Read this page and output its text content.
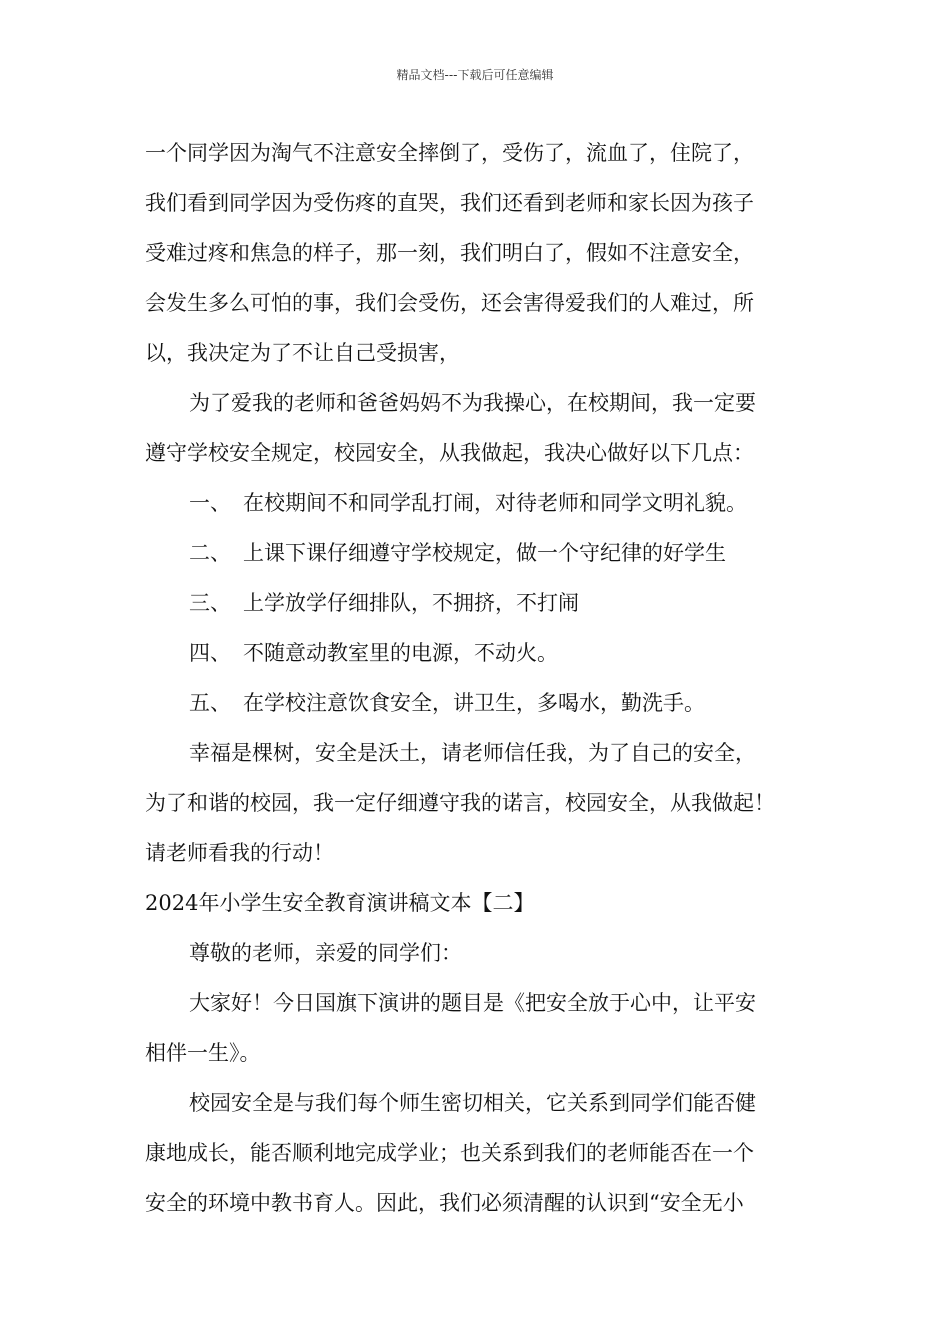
精品文档---下载后可任意编辑
一个同学因为淘气不注意安全摔倒了，受伤了，流血了，住院了，
我们看到同学因为受伤疼的直哭，我们还看到老师和家长因为孩子
受难过疼和焦急的样子，那一刻，我们明白了，假如不注意安全，
会发生多么可怕的事，我们会受伤，还会害得爱我们的人难过，所
以，我决定为了不让自己受损害，
为了爱我的老师和爸爸妈妈不为我操心，在校期间，我一定要
遵守学校安全规定，校园安全，从我做起，我决心做好以下几点：
一、 在校期间不和同学乱打闹，对待老师和同学文明礼貌。
二、 上课下课仔细遵守学校规定，做一个守纪律的好学生
三、 上学放学仔细排队，不拥挤，不打闹
四、 不随意动教室里的电源，不动火。
五、 在学校注意饮食安全，讲卫生，多喝水，勤洗手。
幸福是棵树，安全是沃土，请老师信任我，为了自己的安全，
为了和谐的校园，我一定仔细遵守我的诺言，校园安全，从我做起！
请老师看我的行动！
2024年小学生安全教育演讲稿文本【二】
尊敬的老师，亲爱的同学们：
大家好！今日国旗下演讲的题目是《把安全放于心中，让平安
相伴一生》。
校园安全是与我们每个师生密切相关，它关系到同学们能否健
康地成长，能否顺利地完成学业；也关系到我们的老师能否在一个
安全的环境中教书育人。因此，我们必须清醒的认识到“安全无小
